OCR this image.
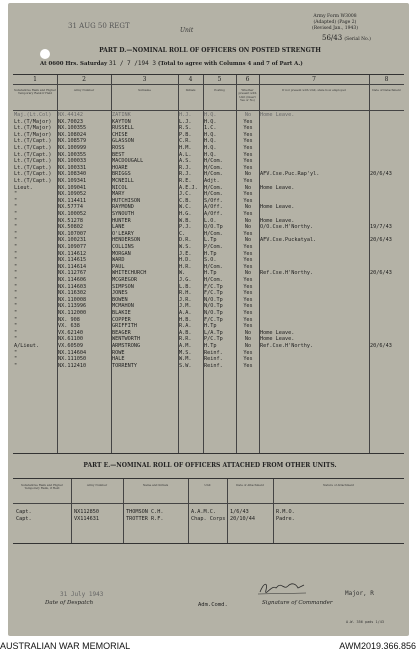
31 AUG 50 REGT
Unit
Army Form W3008
(Adapted) (Page 2)
(Revised Jan., 1943)
56/43 (Serial No.)
PART D.—NOMINAL ROLL OF OFFICERS ON POSTED STRENGTH
At 0600 Hrs. Saturday 31 / 7 /194 3 (Total to agree with Columns 4 and 7 of Part A.)
1	2	3	4	5	6	7	8
Substantive Rank and Higher Temporary Rank if Held
Army Number	Surname	Initials	Posting	Whether present with Unit (Insert Yes or No)
If not present with Unit, state how employed	Date of Detachment
Maj.(Lt.Col)	NX.44142	ZATINK	H.J.	H.Q.	No	Home Leave.
Lt.(T/Major)	NX.70023	KAYTON	L.J.	H.Q.	Yes
Lt.(T/Major)	NX.100355	RUSSELL	R.S.	1.C.	Yes
Lt.(T/Major)	NX.108024	CHISE	P.B.	H.Q.	Yes
Lt.(T/Capt.)	NX.108579	GLASSON	C.R.	H.Q.	Yes
Lt.(T/Capt.)	NX.100999	ROSS	H.M.	H.Q.	Yes
Lt.(T/Capt.)	NX.100355	BEST	A.L.	H.Q.	Yes
Lt.(T/Capt.)	NX.100033	MACDOUGALL	A.S.	H/Com.	Yes
Lt.(T/Capt.)	NX.100331	HOARE	R.J.	H/Com.	Yes
Lt.(T/Capt.)	NX.108340	BRIGGS	R.J.	H/Com.	No	AFV.Cse.Puc.Rap'yl.	20/6/43
Lt.(T/Capt.)	NX.109341	MCNEILL	R.E.	Adjt.	Yes
Lieut.	NX.109041	NICOL	A.E.J.	H/Com.	No	Home Leave.
"	NX.109052	MARY	J.C.	H/Com.	Yes
"	NX.114411	HUTCHISON	C.B.	S/Off.	Yes
"	NX.57774	RAYMOND	W.C.	A/Off.	No	Home Leave.
"	NX.100052	SYNOUTH	H.G.	A/Off.	Yes
"	NX.51278	HUNTER	W.B.	L.O.	No	Home Leave.
"	NX.50802	LANE	P.J.	O/O.Tp	No	O/O.Cse.H'Northy.	19/7/43
"	NX.107007	O'LEARY	C.	H/Com.	Yes
"	NX.100231	HENDERSON	D.R.	L.Tp	No	AFV.Cse.Puckatyal.	20/6/43
"	NX.109077	COLLINS	W.S.	P/Com.	Yes
"	NX.114612	MORGAN	J.E.	H.Tp	Yes
"	NX.114615	WARD	H.D.	S.O.	Yes
"	NX.114614	PAUL	H.R.	H/Com.	Yes
"	NX.112767	WHITECHURCH	W.	H.Tp	No	Ref.Cse.H'Northy.	20/6/43
"	NX.114606	MCGREGOR	J.G.	H/Com.	Yes
"	NX.114603	SIMPSON	L.B.	F/C.Tp	Yes
"	NX.116302	JONES	R.H.	F/C.Tp	Yes
"	NX.110008	BOWEN	J.R.	N/O.Tp	Yes
"	NX.113996	MCMAHON	J.M.	N/O.Tp	Yes
"	NX.112000	BLAKIE	A.A.	N/O.Tp	Yes
"	NX. 908	COPPER	H.B.	F/C.Tp	Yes
"	VX. 638	GRIFFITH	R.A.	H.Tp	Yes
"	VX.62140	BEAGER	A.B.	L/A.Tp	No	Home Leave.
"	NX.61100	WENTWORTH	R.R.	P/C.Tp	No	Home Leave.
A/Lieut.	VX.60509	ARMSTRONG	A.M.	H.Tp	No	Ref.Cse.H'Northy.	20/6/43
"	NX.114604	ROWE	M.S.	Reinf.	Yes
"	NX.111050	HALE	W.M.	Reinf.	Yes
"	NX.112410	TORRENTY	S.W.	Reinf.	Yes
PART E.—NOMINAL ROLL OF OFFICERS ATTACHED FROM OTHER UNITS.
Substantive Rank and Higher Temporary Rank, if Held
Army Number	Name and Initials	Unit	Date of Attachment	Nature of Attachment
Capt.	NX112850	THOMSON C.H.	A.A.M.C.	1/6/43	R.M.O.
Capt.	VX114631	TROTTER R.F.	Chap. Corps 20/10/44	Padre.
Date of Despatch
31 July 1943
Adm.Comd.	Signature of Commander
Major, R
A.W. 356 pads 1/43
AUSTRALIAN WAR MEMORIAL	AWM2019.366.856
